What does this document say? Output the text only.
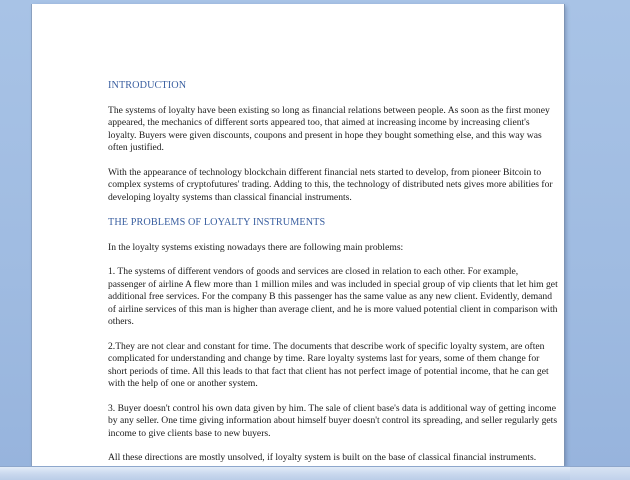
INTRODUCTION
The systems of loyalty have been existing so long as financial relations between people. As soon as the first money appeared, the mechanics of different sorts appeared too, that aimed at increasing income by increasing client's loyalty. Buyers were given discounts, coupons and present in hope they bought something else, and this way was often justified.
With the appearance of technology blockchain different financial nets started to develop, from pioneer Bitcoin to complex systems of cryptofutures' trading. Adding to this, the technology of distributed nets gives more abilities for developing loyalty systems than classical financial instruments.
THE PROBLEMS OF LOYALTY INSTRUMENTS
In the loyalty systems existing nowadays there are following main problems:
1. The systems of different vendors of goods and services are closed in relation to each other. For example, passenger of airline A flew more than 1 million miles and was included in special group of vip clients that let him get additional free services. For the company B this passenger has the same value as any new client. Evidently, demand of airline services of this man is higher than average client, and he is more valued potential client in comparison with others.
2.They are not clear and constant for time. The documents that describe work of specific loyalty system, are often complicated for understanding and change by time. Rare loyalty systems last for years, some of them change for short periods of time. All this leads to that fact that client has not perfect image of potential income, that he can get with the help of one or another system.
3. Buyer doesn't control his own data given by him. The sale of client base's data is additional way of getting income by any seller. One time giving information about himself buyer doesn't control its spreading, and seller regularly gets income to give clients base to new buyers.
All these directions are mostly unsolved, if loyalty system is built on the base of classical financial instruments.
